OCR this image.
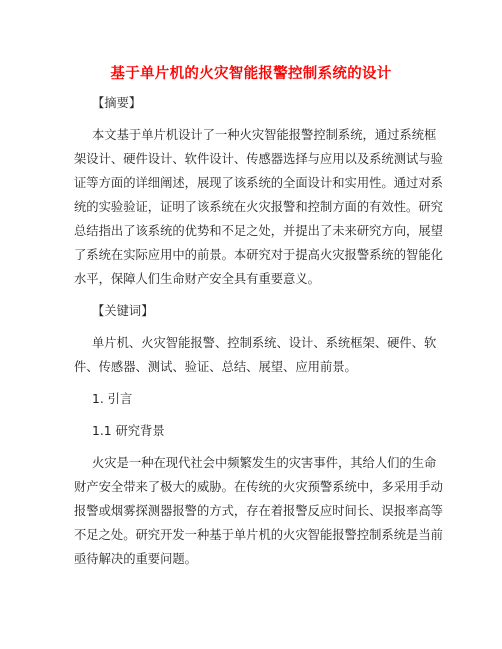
基于单片机的火灾智能报警控制系统的设计
【摘要】
本文基于单片机设计了一种火灾智能报警控制系统，通过系统框
架设计、硬件设计、软件设计、传感器选择与应用以及系统测试与验
证等方面的详细阐述，展现了该系统的全面设计和实用性。通过对系
统的实验验证，证明了该系统在火灾报警和控制方面的有效性。研究
总结指出了该系统的优势和不足之处，并提出了未来研究方向，展望
了系统在实际应用中的前景。本研究对于提高火灾报警系统的智能化
水平，保障人们生命财产安全具有重要意义。
【关键词】
单片机、火灾智能报警、控制系统、设计、系统框架、硬件、软
件、传感器、测试、验证、总结、展望、应用前景。
1. 引言
1.1 研究背景
火灾是一种在现代社会中频繁发生的灾害事件，其给人们的生命
财产安全带来了极大的威胁。在传统的火灾预警系统中，多采用手动
报警或烟雾探测器报警的方式，存在着报警反应时间长、误报率高等
不足之处。研究开发一种基于单片机的火灾智能报警控制系统是当前
亟待解决的重要问题。
